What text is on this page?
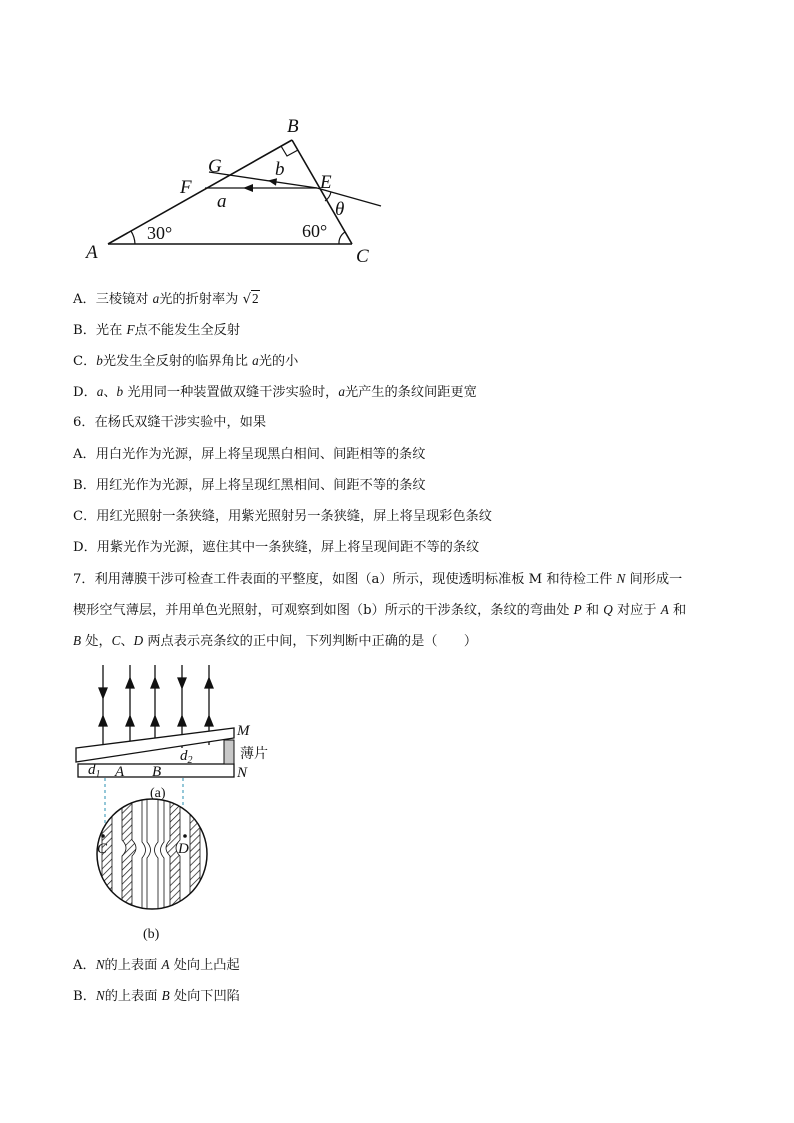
A
B
C
G
F	E
a
b
θ
30°	60°
A．三棱镜对 a光的折射率为 √2
B．光在 F点不能发生全反射
C．b光发生全反射的临界角比 a光的小
D．a、b 光用同一种装置做双缝干涉实验时，a光产生的条纹间距更宽
6．在杨氏双缝干涉实验中，如果
A．用白光作为光源，屏上将呈现黑白相间、间距相等的条纹
B．用红光作为光源，屏上将呈现红黑相间、间距不等的条纹
C．用红光照射一条狭缝，用紫光照射另一条狭缝，屏上将呈现彩色条纹
D．用紫光作为光源，遮住其中一条狭缝，屏上将呈现间距不等的条纹
7．利用薄膜干涉可检查工件表面的平整度，如图（a）所示，现使透明标准板 M 和待检工件 N 间形成一
楔形空气薄层，并用单色光照射，可观察到如图（b）所示的干涉条纹，条纹的弯曲处 P 和 Q 对应于 A 和
B 处，C、D 两点表示亮条纹的正中间，下列判断中正确的是（　　）
M
N
$d_1$
$d_2$
A B
薄片
(a)
C	D
(b)
A．N的上表面 A 处向上凸起
B．N的上表面 B 处向下凹陷
